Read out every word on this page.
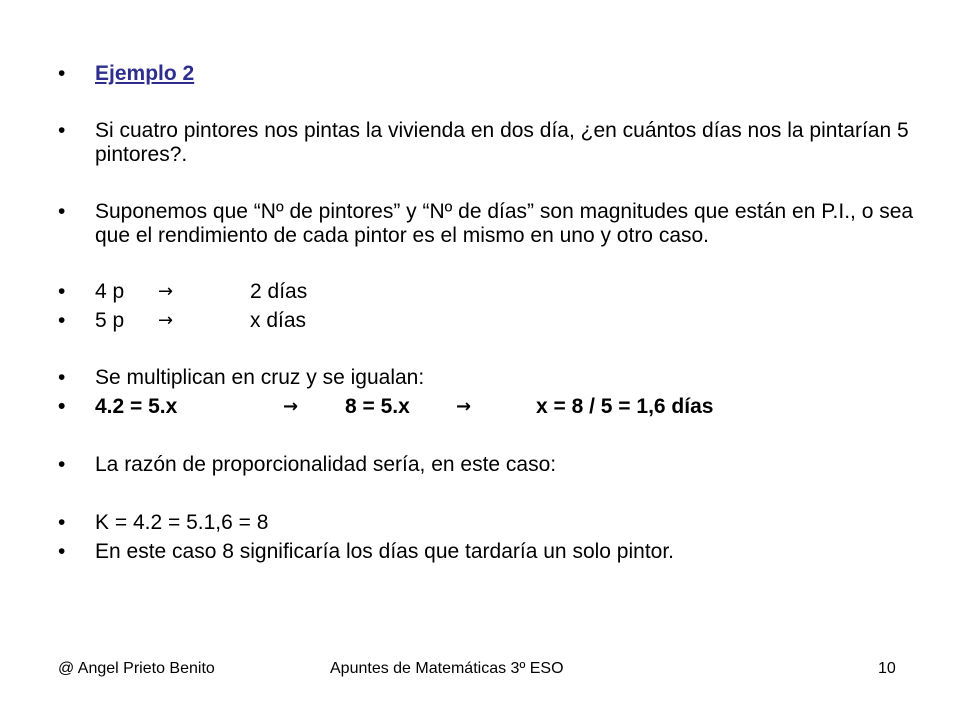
•	Ejemplo 2
•	Si cuatro pintores nos pintas la vivienda en dos día, ¿en cuántos días nos la pintarían 5 pintores?.
•	Suponemos que “Nº de pintores” y “Nº de días” son magnitudes que están en P.I., o sea que el rendimiento de cada pintor es el mismo en uno y otro caso.
•	4 p →	2 días
•	5 p →	x días
•	Se multiplican en cruz y se igualan:
•	4.2 = 5.x	→ 8 = 5.x	→	x = 8 / 5 = 1,6 días
•	La razón de proporcionalidad sería, en este caso:
•	K = 4.2 = 5.1,6 = 8
•	En este caso 8 significaría los días que tardaría un solo pintor.
@ Angel Prieto Benito	Apuntes de Matemáticas 3º ESO	10
